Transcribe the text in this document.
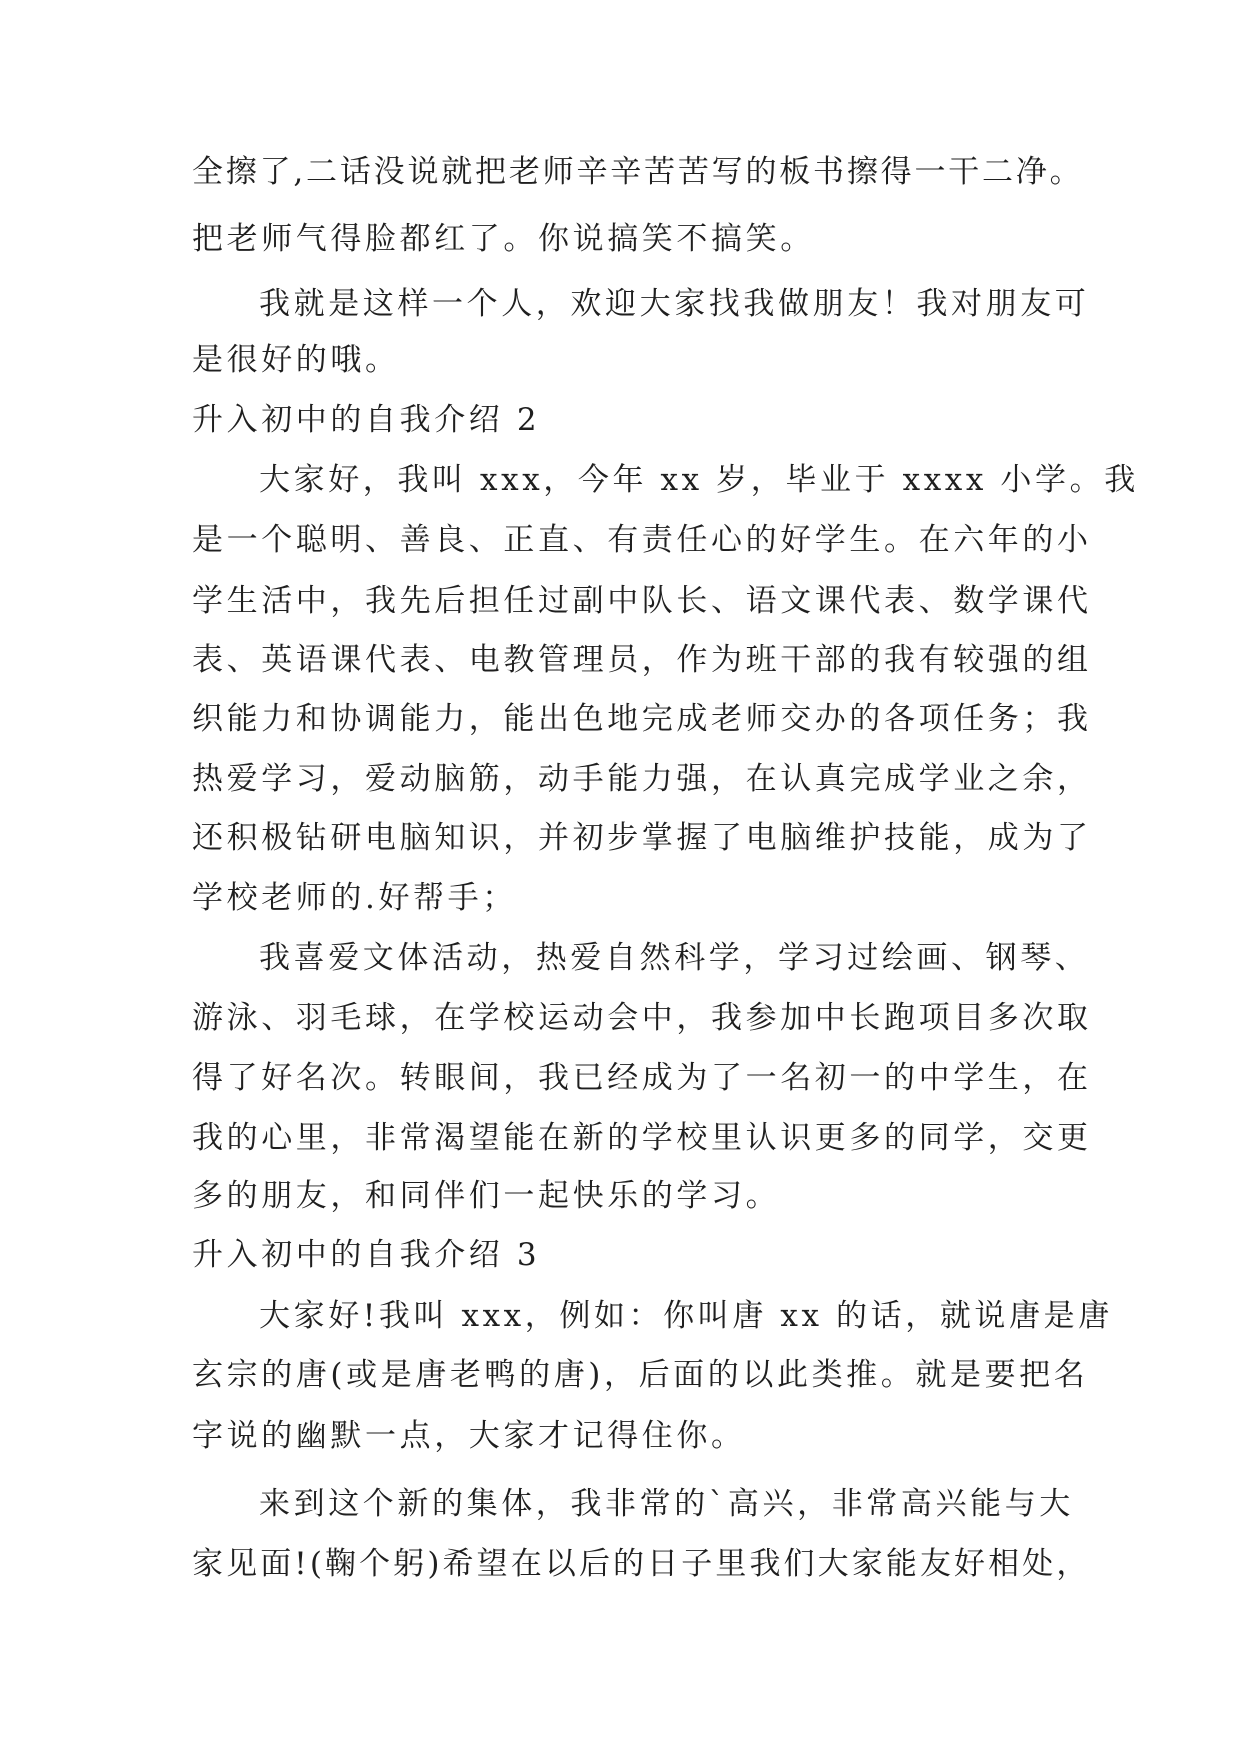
全擦了,二话没说就把老师辛辛苦苦写的板书擦得一干二净。

把老师气得脸都红了。你说搞笑不搞笑。

我就是这样一个人，欢迎大家找我做朋友！我对朋友可

是很好的哦。

升入初中的自我介绍 2

大家好，我叫 xxx，今年 xx 岁，毕业于 xxxx 小学。我

是一个聪明、善良、正直、有责任心的好学生。在六年的小

学生活中，我先后担任过副中队长、语文课代表、数学课代

表、英语课代表、电教管理员，作为班干部的我有较强的组

织能力和协调能力，能出色地完成老师交办的各项任务；我

热爱学习，爱动脑筋，动手能力强，在认真完成学业之余，

还积极钻研电脑知识，并初步掌握了电脑维护技能，成为了

学校老师的.好帮手；

我喜爱文体活动，热爱自然科学，学习过绘画、钢琴、

游泳、羽毛球，在学校运动会中，我参加中长跑项目多次取

得了好名次。转眼间，我已经成为了一名初一的中学生，在

我的心里，非常渴望能在新的学校里认识更多的同学，交更

多的朋友，和同伴们一起快乐的学习。

升入初中的自我介绍 3

大家好!我叫 xxx，例如：你叫唐 xx 的话，就说唐是唐

玄宗的唐(或是唐老鸭的唐)，后面的以此类推。就是要把名

字说的幽默一点，大家才记得住你。

来到这个新的集体，我非常的`高兴，非常高兴能与大

家见面!(鞠个躬)希望在以后的日子里我们大家能友好相处，
